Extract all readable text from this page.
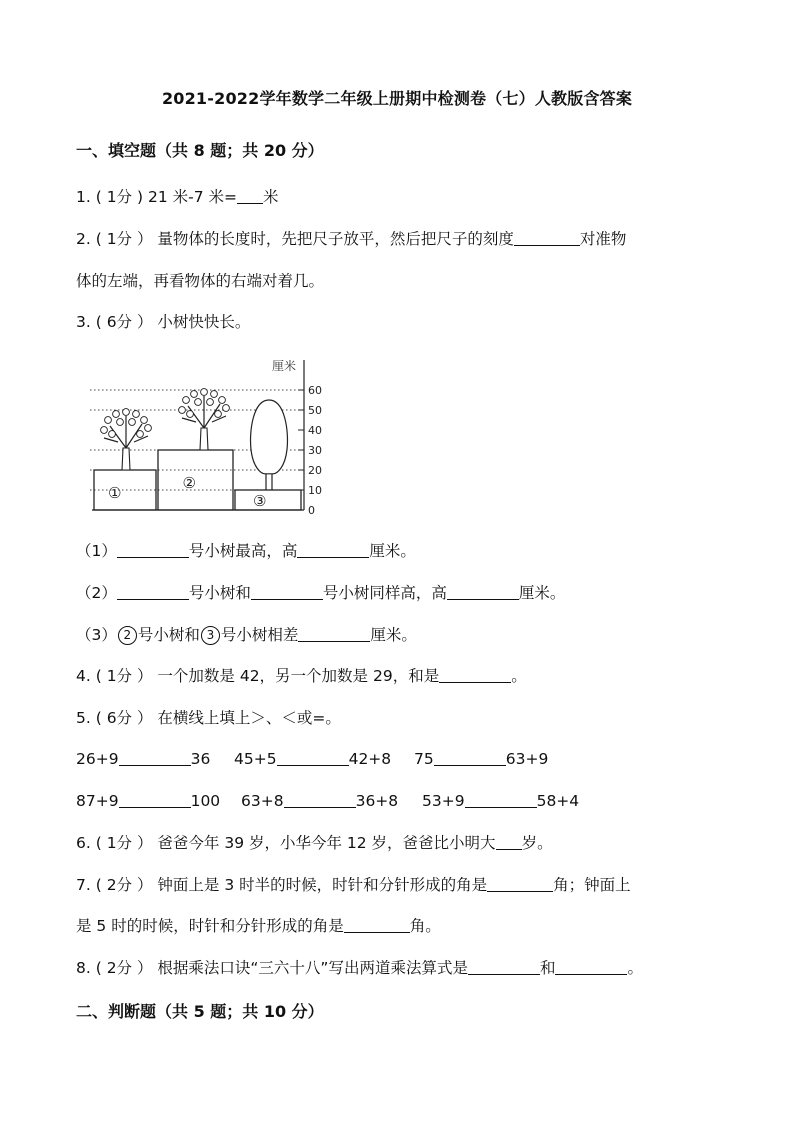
2021-2022学年数学二年级上册期中检测卷（七）人教版含答案
一、填空题（共 8 题；共 20 分）
1. ( 1分 ) 21 米-7 米= 米
2. ( 1分 ） 量物体的长度时，先把尺子放平，然后把尺子的刻度	对准物
体的左端，再看物体的右端对着几。
3. ( 6分 ） 小树快快长。
厘米
0
10
20
30
40
50
60
①
②
③
（1）	号小树最高，高	厘米。
（2）	号小树和	号小树同样高，高	厘米。
（3） 2 号小树和 3 号小树相差	厘米。
4. ( 1分 ） 一个加数是 42，另一个加数是 29，和是	。
5. ( 6分 ） 在横线上填上＞、＜或=。
26+9	36 45+5	42+8 75	63+9
87+9	100 63+8	36+8 53+9	58+4
6. ( 1分 ） 爸爸今年 39 岁，小华今年 12 岁，爸爸比小明大 岁。
7. ( 2分 ） 钟面上是 3 时半的时候，时针和分针形成的角是	角；钟面上
是 5 时的时候，时针和分针形成的角是	角。
8. ( 2分 ） 根据乘法口诀“三六十八”写出两道乘法算式是	和	。
二、判断题（共 5 题；共 10 分）
